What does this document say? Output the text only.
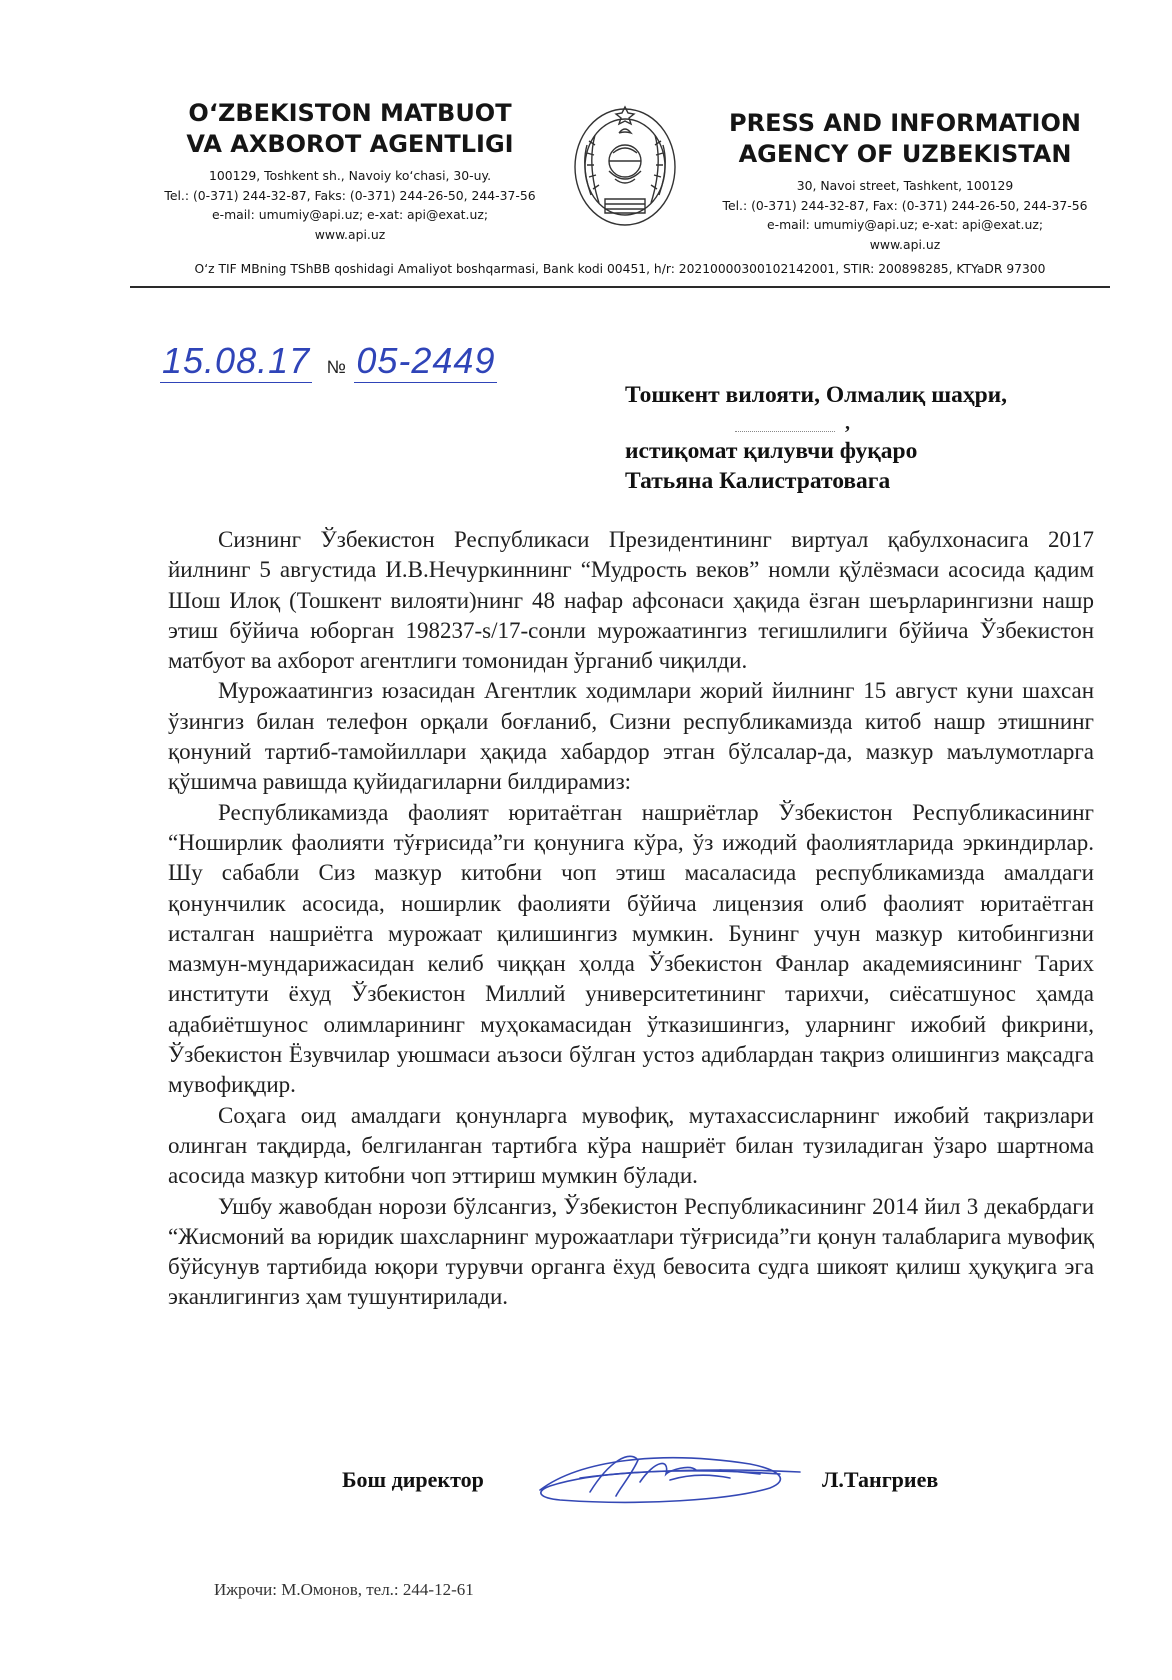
O‘ZBEKISTON MATBUOT
VA AXBOROT AGENTLIGI
100129, Toshkent sh., Navoiy ko‘chasi, 30-uy.
Tel.: (0-371) 244-32-87, Faks: (0-371) 244-26-50, 244-37-56
e-mail: umumiy@api.uz; e-xat: api@exat.uz;
www.api.uz
PRESS AND INFORMATION
AGENCY OF UZBEKISTAN
30, Navoi street, Tashkent, 100129
Tel.: (0-371) 244-32-87, Fax: (0-371) 244-26-50, 244-37-56
e-mail: umumiy@api.uz; e-xat: api@exat.uz;
www.api.uz
O‘z TIF MBning TShBB qoshidagi Amaliyot boshqarmasi, Bank kodi 00451, h/r: 20210000300102142001, STIR: 200898285, KTYaDR 97300
15.08.17 № 05-2449
Тошкент вилояти, Олмалиқ шаҳри,
,
истиқомат қилувчи фуқаро
Татьяна Калистратовага

Сизнинг Ўзбекистон Республикаси Президентининг виртуал қабулхонасига 2017 йилнинг 5 августида И.В.Нечуркиннинг “Мудрость веков” номли қўлёзмаси асосида қадим Шош Илоқ (Тошкент вилояти)нинг 48 нафар афсонаси ҳақида ёзган шеърларингизни нашр этиш бўйича юборган 198237-s/17-сонли мурожаатингиз тегишлилиги бўйича Ўзбекистон матбуот ва ахборот агентлиги томонидан ўрганиб чиқилди.

Мурожаатингиз юзасидан Агентлик ходимлари жорий йилнинг 15 август куни шахсан ўзингиз билан телефон орқали боғланиб, Сизни республикамизда китоб нашр этишнинг қонуний тартиб-тамойиллари ҳақида хабардор этган бўлсалар-да, мазкур маълумотларга қўшимча равишда қуйидагиларни билдирамиз:

Республикамизда фаолият юритаётган нашриётлар Ўзбекистон Республикасининг “Ноширлик фаолияти тўғрисида”ги қонунига кўра, ўз ижодий фаолиятларида эркиндирлар. Шу сабабли Сиз мазкур китобни чоп этиш масаласида республикамизда амалдаги қонунчилик асосида, ноширлик фаолияти бўйича лицензия олиб фаолият юритаётган исталган нашриётга мурожаат қилишингиз мумкин. Бунинг учун мазкур китобингизни мазмун-мундарижасидан келиб чиққан ҳолда Ўзбекистон Фанлар академиясининг Тарих институти ёхуд Ўзбекистон Миллий университетининг тарихчи, сиёсатшунос ҳамда адабиётшунос олимларининг муҳокамасидан ўтказишингиз, уларнинг ижобий фикрини, Ўзбекистон Ёзувчилар уюшмаси аъзоси бўлган устоз адиблардан тақриз олишингиз мақсадга мувофиқдир.

Соҳага оид амалдаги қонунларга мувофиқ, мутахассисларнинг ижобий тақризлари олинган тақдирда, белгиланган тартибга кўра нашриёт билан тузиладиган ўзаро шартнома асосида мазкур китобни чоп эттириш мумкин бўлади.

Ушбу жавобдан норози бўлсангиз, Ўзбекистон Республикасининг 2014 йил 3 декабрдаги “Жисмоний ва юридик шахсларнинг мурожаатлари тўғрисида”ги қонун талабларига мувофиқ бўйсунув тартибида юқори турувчи органга ёхуд бевосита судга шикоят қилиш ҳуқуқига эга эканлигингиз ҳам тушунтирилади.

Бош директор	Л.Тангриев
Ижрочи: М.Омонов, тел.: 244-12-61
